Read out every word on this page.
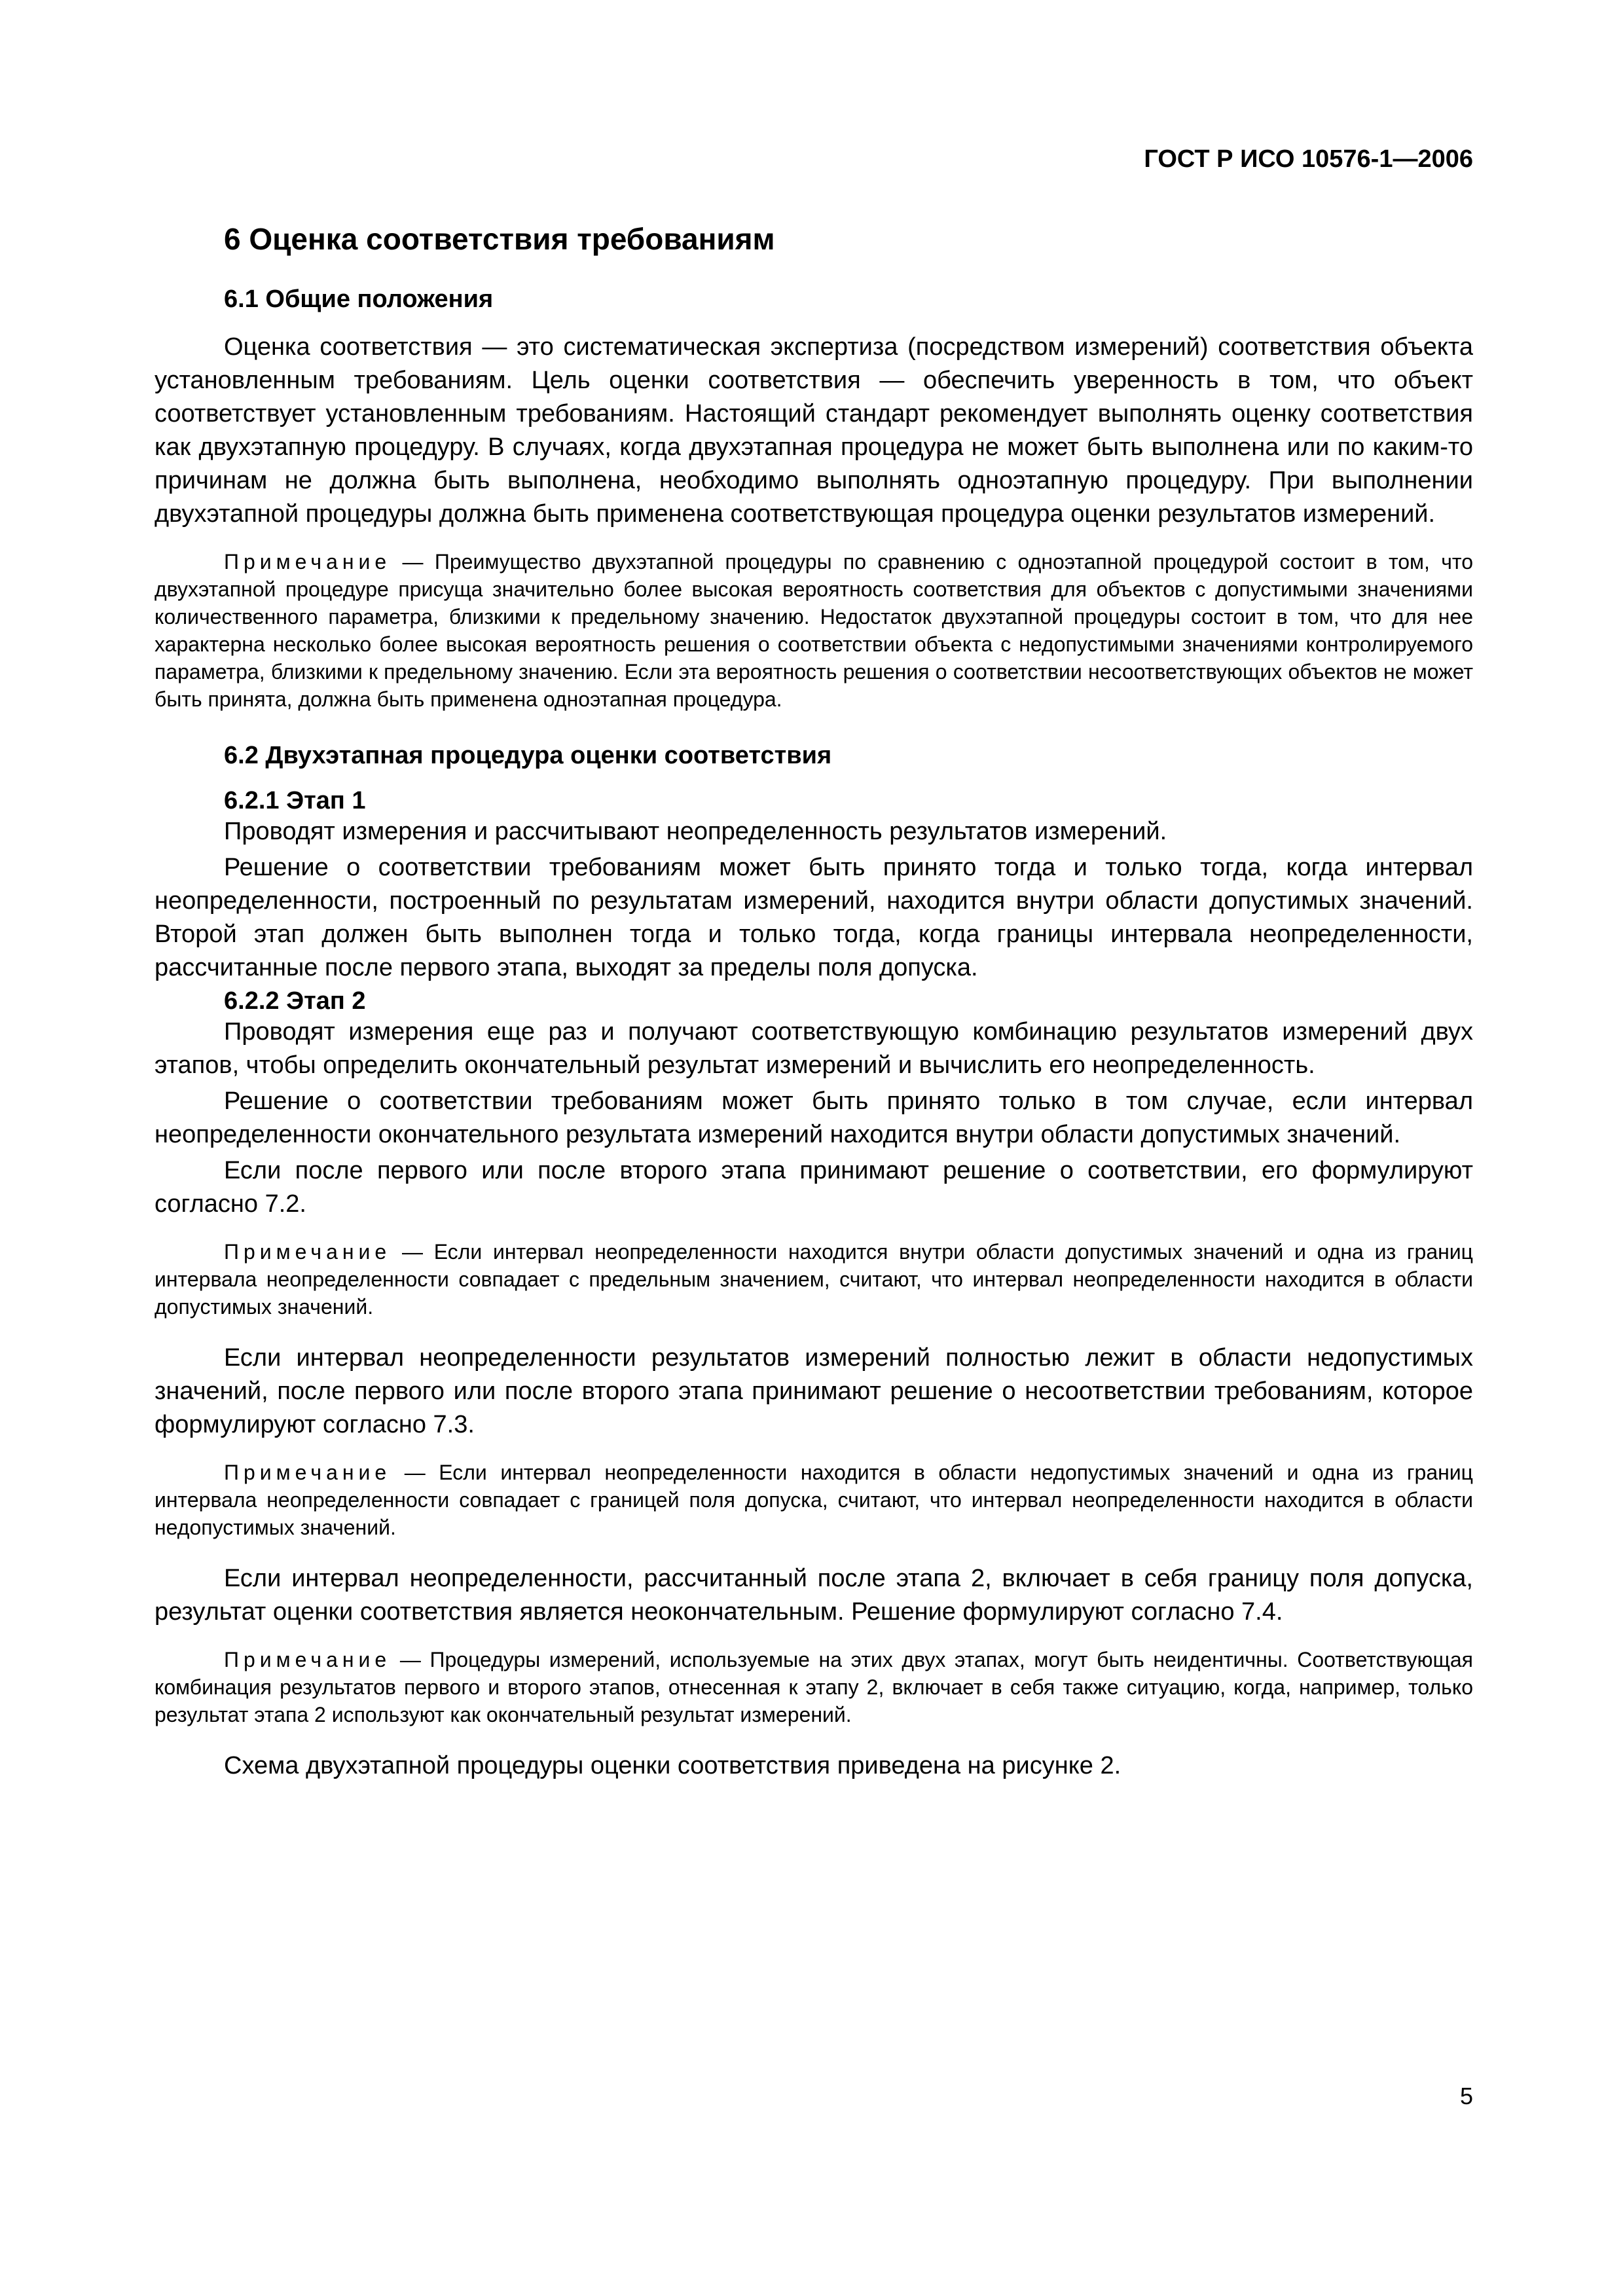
ГОСТ Р ИСО 10576-1—2006
6 Оценка соответствия требованиям
6.1 Общие положения

Оценка соответствия — это систематическая экспертиза (посредством измерений) соответствия объекта установленным требованиям. Цель оценки соответствия — обеспечить уверенность в том, что объект соответствует установленным требованиям. Настоящий стандарт рекомендует выполнять оценку соответствия как двухэтапную процедуру. В случаях, когда двухэтапная процедура не может быть выполнена или по каким-то причинам не должна быть выполнена, необходимо выполнять одноэтапную процедуру. При выполнении двухэтапной процедуры должна быть применена соответствующая процедура оценки результатов измерений.

Примечание — Преимущество двухэтапной процедуры по сравнению с одноэтапной процедурой состоит в том, что двухэтапной процедуре присуща значительно более высокая вероятность соответствия для объектов с допустимыми значениями количественного параметра, близкими к предельному значению. Недостаток двухэтапной процедуры состоит в том, что для нее характерна несколько более высокая вероятность решения о соответствии объекта с недопустимыми значениями контролируемого параметра, близкими к предельному значению. Если эта вероятность решения о соответствии несоответствующих объектов не может быть принята, должна быть применена одноэтапная процедура.

6.2 Двухэтапная процедура оценки соответствия
6.2.1 Этап 1

Проводят измерения и рассчитывают неопределенность результатов измерений.

Решение о соответствии требованиям может быть принято тогда и только тогда, когда интервал неопределенности, построенный по результатам измерений, находится внутри области допустимых значений. Второй этап должен быть выполнен тогда и только тогда, когда границы интервала неопределенности, рассчитанные после первого этапа, выходят за пределы поля допуска.

6.2.2 Этап 2

Проводят измерения еще раз и получают соответствующую комбинацию результатов измерений двух этапов, чтобы определить окончательный результат измерений и вычислить его неопределенность.

Решение о соответствии требованиям может быть принято только в том случае, если интервал неопределенности окончательного результата измерений находится внутри области допустимых значений.

Если после первого или после второго этапа принимают решение о соответствии, его формулируют согласно 7.2.

Примечание — Если интервал неопределенности находится внутри области допустимых значений и одна из границ интервала неопределенности совпадает с предельным значением, считают, что интервал неопределенности находится в области допустимых значений.

Если интервал неопределенности результатов измерений полностью лежит в области недопустимых значений, после первого или после второго этапа принимают решение о несоответствии требованиям, которое формулируют согласно 7.3.

Примечание — Если интервал неопределенности находится в области недопустимых значений и одна из границ интервала неопределенности совпадает с границей поля допуска, считают, что интервал неопределенности находится в области недопустимых значений.

Если интервал неопределенности, рассчитанный после этапа 2, включает в себя границу поля допуска, результат оценки соответствия является неокончательным. Решение формулируют согласно 7.4.

Примечание — Процедуры измерений, используемые на этих двух этапах, могут быть неидентичны. Соответствующая комбинация результатов первого и второго этапов, отнесенная к этапу 2, включает в себя также ситуацию, когда, например, только результат этапа 2 используют как окончательный результат измерений.

Схема двухэтапной процедуры оценки соответствия приведена на рисунке 2.

5
